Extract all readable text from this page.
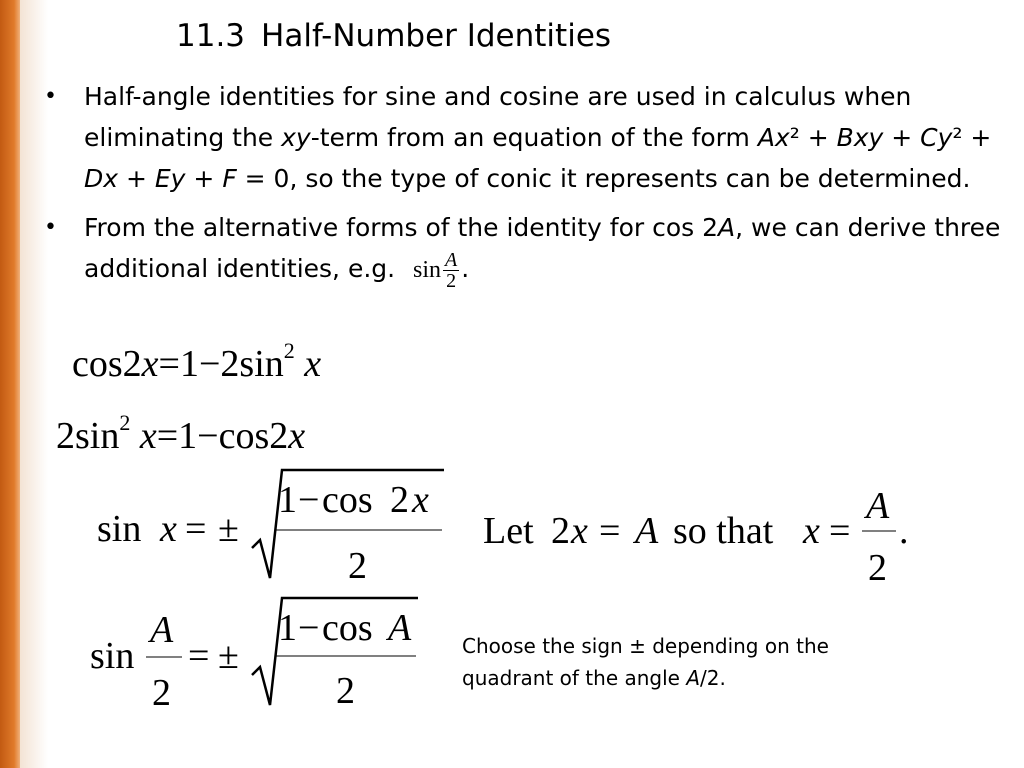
11.3 Half-Number Identities
• Half-angle identities for sine and cosine are used in calculus when eliminating the xy-term from an equation of the form Ax² + Bxy + Cy² + Dx + Ey + F = 0, so the type of conic it represents can be determined.
• From the alternative forms of the identity for cos 2A, we can derive three additional identities, e.g. $\sin \frac{A}{2}$ .
$\cos 2x=1-2\sin^2$ x
$2\sin^2$ x=1−cos2x
sin x = ±
1 − cos 2 x
2
Let 2 x = A so that x =
A
2
.
sin
A
2
= ±
1 − cos A
2
Choose the sign ± depending on the quadrant of the angle A/2.
